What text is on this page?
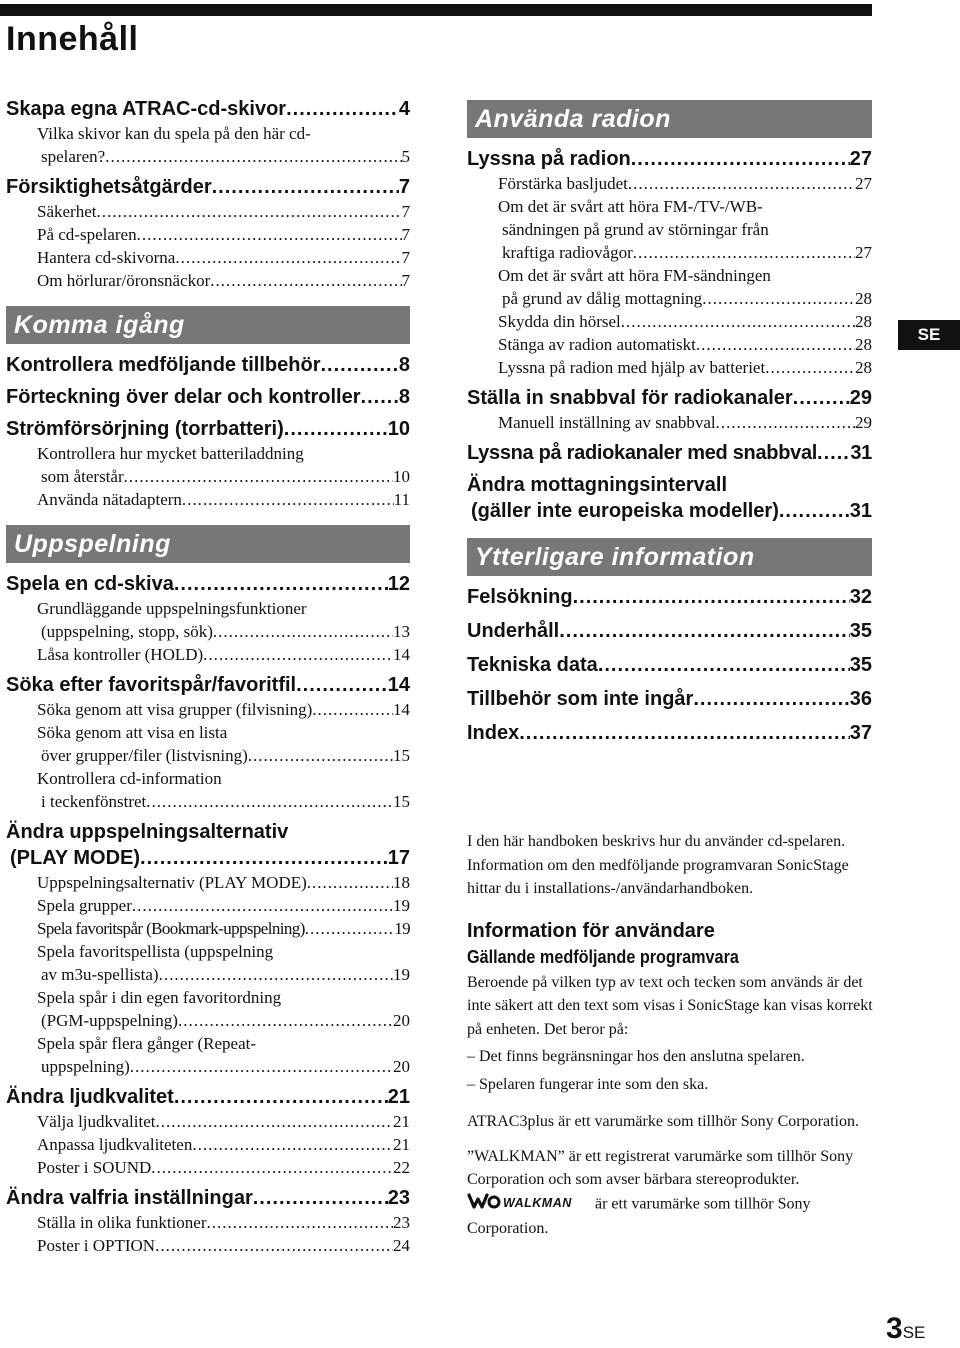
Innehåll
Skapa egna ATRAC-cd-skivor .....	4
Vilka skivor kan du spela på den här cd-
spelaren? .....	5
Försiktighetsåtgärder .....	7
Säkerhet .....	7
På cd-spelaren .....	7
Hantera cd-skivorna .....	7
Om hörlurar/öronsnäckor .....	7
Komma igång
Kontrollera medföljande tillbehör .....	8
Förteckning över delar och kontroller ..... 8
Strömförsörjning (torrbatteri) .....	10
Kontrollera hur mycket batteriladdning
som återstår .....	10
Använda nätadaptern .....	11
Uppspelning
Spela en cd-skiva .....	12
Grundläggande uppspelningsfunktioner
(uppspelning, stopp, sök) .....	13
Låsa kontroller (HOLD) .....	14
Söka efter favoritspår/favoritfil .....	14
Söka genom att visa grupper (filvisning) .....	14
Söka genom att visa en lista
över grupper/filer (listvisning) .....	15
Kontrollera cd-information
i teckenfönstret .....	15
Ändra uppspelningsalternativ
(PLAY MODE) .....	17
Uppspelningsalternativ (PLAY MODE) .....	18
Spela grupper .....	19
Spela favoritspår (Bookmark-uppspelning) .....	19
Spela favoritspellista (uppspelning
av m3u-spellista) .....	19
Spela spår i din egen favoritordning
(PGM-uppspelning) .....	20
Spela spår flera gånger (Repeat-
uppspelning) .....	20
Ändra ljudkvalitet .....	21
Välja ljudkvalitet .....	21
Anpassa ljudkvaliteten .....	21
Poster i SOUND .....	22
Ändra valfria inställningar .....	23
Ställa in olika funktioner .....	23
Poster i OPTION .....	24
Använda radion
Lyssna på radion .....	27
Förstärka basljudet .....	27
Om det är svårt att höra FM-/TV-/WB-
sändningen på grund av störningar från
kraftiga radiovågor .....	27
Om det är svårt att höra FM-sändningen
på grund av dålig mottagning .....	28
Skydda din hörsel .....	28
Stänga av radion automatiskt .....	28
Lyssna på radion med hjälp av batteriet .....	28
Ställa in snabbval för radiokanaler .....	29
Manuell inställning av snabbval .....	29
Lyssna på radiokanaler med snabbval ..... 31
Ändra mottagningsintervall
(gäller inte europeiska modeller) .....	31
Ytterligare information
Felsökning .....	32
Underhåll .....	35
Tekniska data .....	35
Tillbehör som inte ingår .....	36
Index .....	37
SE

I den här handboken beskrivs hur du använder cd-spelaren. Information om den medföljande programvaran SonicStage hittar du i installations-/användarhandboken.

Information för användare
Gällande medföljande programvara

Beroende på vilken typ av text och tecken som används är det inte säkert att den text som visas i SonicStage kan visas korrekt på enheten. Det beror på:

– Det finns begränsningar hos den anslutna spelaren.
– Spelaren fungerar inte som den ska.

ATRAC3plus är ett varumärke som tillhör Sony Corporation.

”WALKMAN” är ett registrerat varumärke som tillhör Sony Corporation och som avser bärbara stereoprodukter.
WALKMAN är ett varumärke som tillhör Sony Corporation.

3SE
